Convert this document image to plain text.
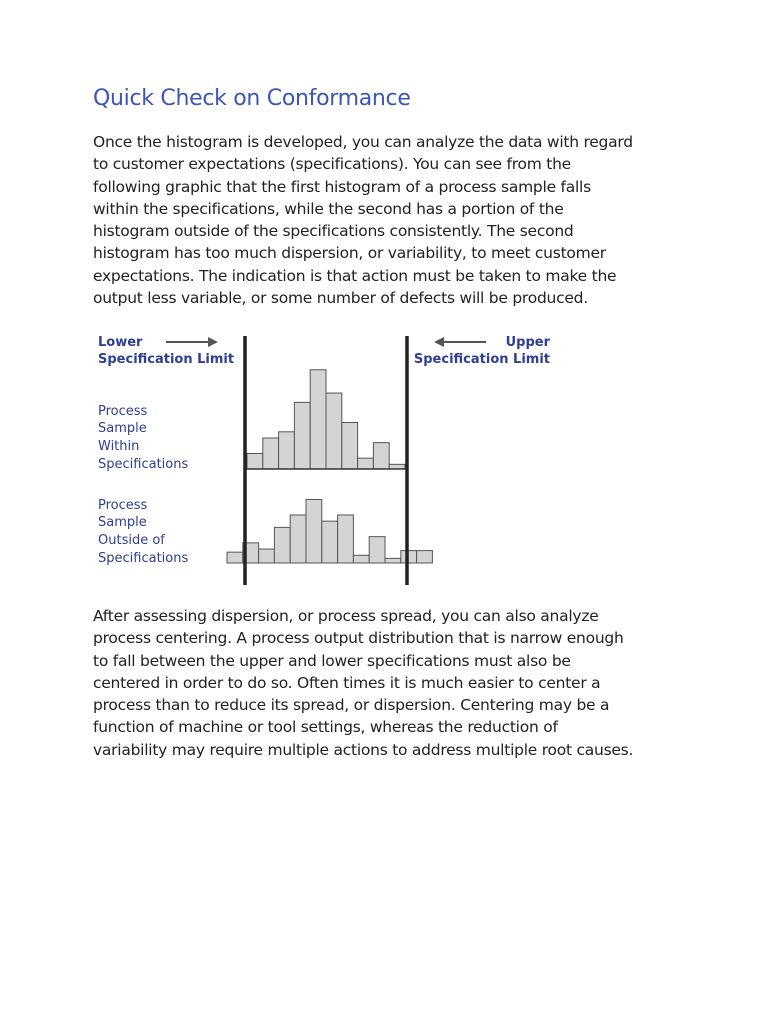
Quick Check on Conformance

Once the histogram is developed, you can analyze the data with regard
to customer expectations (specifications). You can see from the
following graphic that the first histogram of a process sample falls
within the specifications, while the second has a portion of the
histogram outside of the specifications consistently. The second
histogram has too much dispersion, or variability, to meet customer
expectations. The indication is that action must be taken to make the
output less variable, or some number of defects will be produced.

Lower
Specification Limit
Upper
Specification Limit
Process
Sample
Within
Specifications
Process
Sample
Outside of
Specifications

After assessing dispersion, or process spread, you can also analyze
process centering. A process output distribution that is narrow enough
to fall between the upper and lower specifications must also be
centered in order to do so. Often times it is much easier to center a
process than to reduce its spread, or dispersion. Centering may be a
function of machine or tool settings, whereas the reduction of
variability may require multiple actions to address multiple root causes.
